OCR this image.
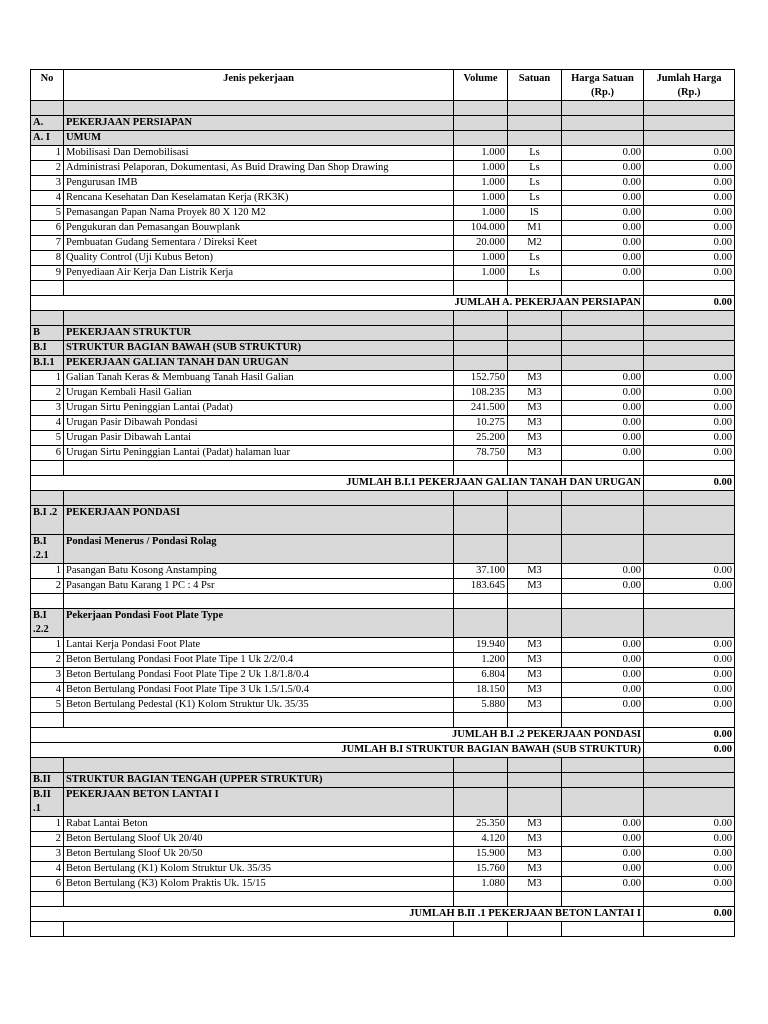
No	Jenis pekerjaan	Volume	Satuan	Harga Satuan (Rp.)	Jumlah Harga (Rp.)

A.	PEKERJAAN PERSIAPAN				
A. I	UMUM				
1	Mobilisasi Dan Demobilisasi	1.000	Ls	0.00	0.00
2	Administrasi Pelaporan, Dokumentasi, As Buid Drawing Dan Shop Drawing	1.000	Ls	0.00	0.00
3	Pengurusan IMB	1.000	Ls	0.00	0.00
4	Rencana Kesehatan Dan Keselamatan Kerja (RK3K)	1.000	Ls	0.00	0.00
5	Pemasangan Papan Nama Proyek 80 X 120 M2	1.000	lS	0.00	0.00
6	Pengukuran dan Pemasangan Bouwplank	104.000	M1	0.00	0.00
7	Pembuatan Gudang Sementara / Direksi Keet	20.000	M2	0.00	0.00
8	Quality Control (Uji Kubus Beton)	1.000	Ls	0.00	0.00
9	Penyediaan Air Kerja Dan Listrik Kerja	1.000	Ls	0.00	0.00

JUMLAH A. PEKERJAAN PERSIAPAN					0.00

B	PEKERJAAN STRUKTUR				
B.I	STRUKTUR BAGIAN BAWAH (SUB STRUKTUR)				
B.I.1	PEKERJAAN GALIAN TANAH DAN URUGAN				
1	Galian Tanah Keras & Membuang Tanah Hasil Galian	152.750	M3	0.00	0.00
2	Urugan Kembali Hasil Galian	108.235	M3	0.00	0.00
3	Urugan Sirtu Peninggian Lantai (Padat)	241.500	M3	0.00	0.00
4	Urugan Pasir Dibawah Pondasi	10.275	M3	0.00	0.00
5	Urugan Pasir Dibawah Lantai	25.200	M3	0.00	0.00
6	Urugan Sirtu Peninggian Lantai (Padat) halaman luar	78.750	M3	0.00	0.00

JUMLAH B.I.1 PEKERJAAN GALIAN TANAH DAN URUGAN					0.00

B.I .2	PEKERJAAN PONDASI				
B.I .2.1	Pondasi Menerus / Pondasi Rolag				
1	Pasangan Batu Kosong Anstamping	37.100	M3	0.00	0.00
2	Pasangan Batu Karang 1 PC : 4 Psr	183.645	M3	0.00	0.00

B.I .2.2	Pekerjaan Pondasi Foot Plate Type				
1	Lantai Kerja Pondasi Foot Plate	19.940	M3	0.00	0.00
2	Beton Bertulang Pondasi Foot Plate Tipe 1 Uk 2/2/0.4	1.200	M3	0.00	0.00
3	Beton Bertulang Pondasi Foot Plate Tipe 2 Uk 1.8/1.8/0.4	6.804	M3	0.00	0.00
4	Beton Bertulang Pondasi Foot Plate Tipe 3 Uk 1.5/1.5/0.4	18.150	M3	0.00	0.00
5	Beton Bertulang Pedestal (K1) Kolom Struktur Uk. 35/35	5.880	M3	0.00	0.00

JUMLAH B.I .2 PEKERJAAN PONDASI					0.00
JUMLAH B.I STRUKTUR BAGIAN BAWAH (SUB STRUKTUR)					0.00

B.II	STRUKTUR BAGIAN TENGAH (UPPER STRUKTUR)				
B.II .1	PEKERJAAN BETON LANTAI I				
1	Rabat Lantai Beton	25.350	M3	0.00	0.00
2	Beton Bertulang Sloof Uk 20/40	4.120	M3	0.00	0.00
3	Beton Bertulang Sloof Uk 20/50	15.900	M3	0.00	0.00
4	Beton Bertulang (K1) Kolom Struktur Uk. 35/35	15.760	M3	0.00	0.00
6	Beton Bertulang (K3) Kolom Praktis Uk. 15/15	1.080	M3	0.00	0.00

JUMLAH B.II .1 PEKERJAAN BETON LANTAI I					0.00
